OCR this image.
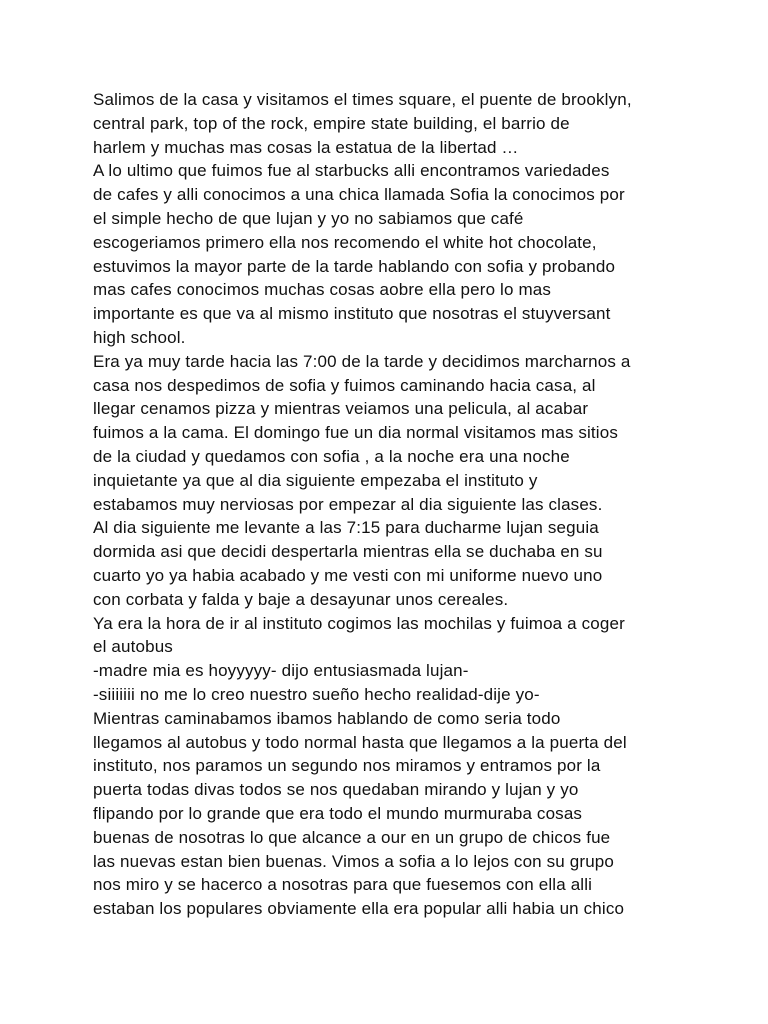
Salimos de la casa y visitamos el times square, el puente de brooklyn,
central park, top of the rock, empire state building, el barrio de
harlem y muchas mas cosas la estatua de la libertad …
A lo ultimo que fuimos fue al starbucks alli encontramos variedades
de cafes y alli conocimos a una chica llamada Sofia la conocimos por
el simple hecho de que lujan y yo no sabiamos que café
escogeriamos primero ella nos recomendo el white hot chocolate,
estuvimos la mayor parte de la tarde hablando con sofia y probando
mas cafes conocimos muchas cosas aobre ella pero lo mas
importante es que va al mismo instituto que nosotras el stuyversant
high school.
Era ya muy tarde hacia las 7:00 de la tarde y decidimos marcharnos a
casa nos despedimos de sofia y fuimos caminando hacia casa, al
llegar cenamos pizza y mientras veiamos una pelicula, al acabar
fuimos a la cama. El domingo fue un dia normal visitamos mas sitios
de la ciudad y quedamos con sofia , a la noche era una noche
inquietante ya que al dia siguiente empezaba el instituto y
estabamos muy nerviosas por empezar al dia siguiente las clases.
Al dia siguiente me levante a las 7:15 para ducharme lujan seguia
dormida asi que decidi despertarla mientras ella se duchaba en su
cuarto yo ya habia acabado y me vesti con mi uniforme nuevo uno
con corbata y falda y baje a desayunar unos cereales.
Ya era la hora de ir al instituto cogimos las mochilas y fuimoa a coger
el autobus
-madre mia es hoyyyyy- dijo entusiasmada lujan-
-siiiiiii no me lo creo nuestro sueño hecho realidad-dije yo-
Mientras caminabamos ibamos hablando de como seria todo
llegamos al autobus y todo normal hasta que llegamos a la puerta del
instituto, nos paramos un segundo nos miramos y entramos por la
puerta todas divas todos se nos quedaban mirando y lujan y yo
flipando por lo grande que era todo el mundo murmuraba cosas
buenas de nosotras lo que alcance a our en un grupo de chicos fue
las nuevas estan bien buenas. Vimos a sofia a lo lejos con su grupo
nos miro y se hacerco a nosotras para que fuesemos con ella alli
estaban los populares obviamente ella era popular alli habia un chico
